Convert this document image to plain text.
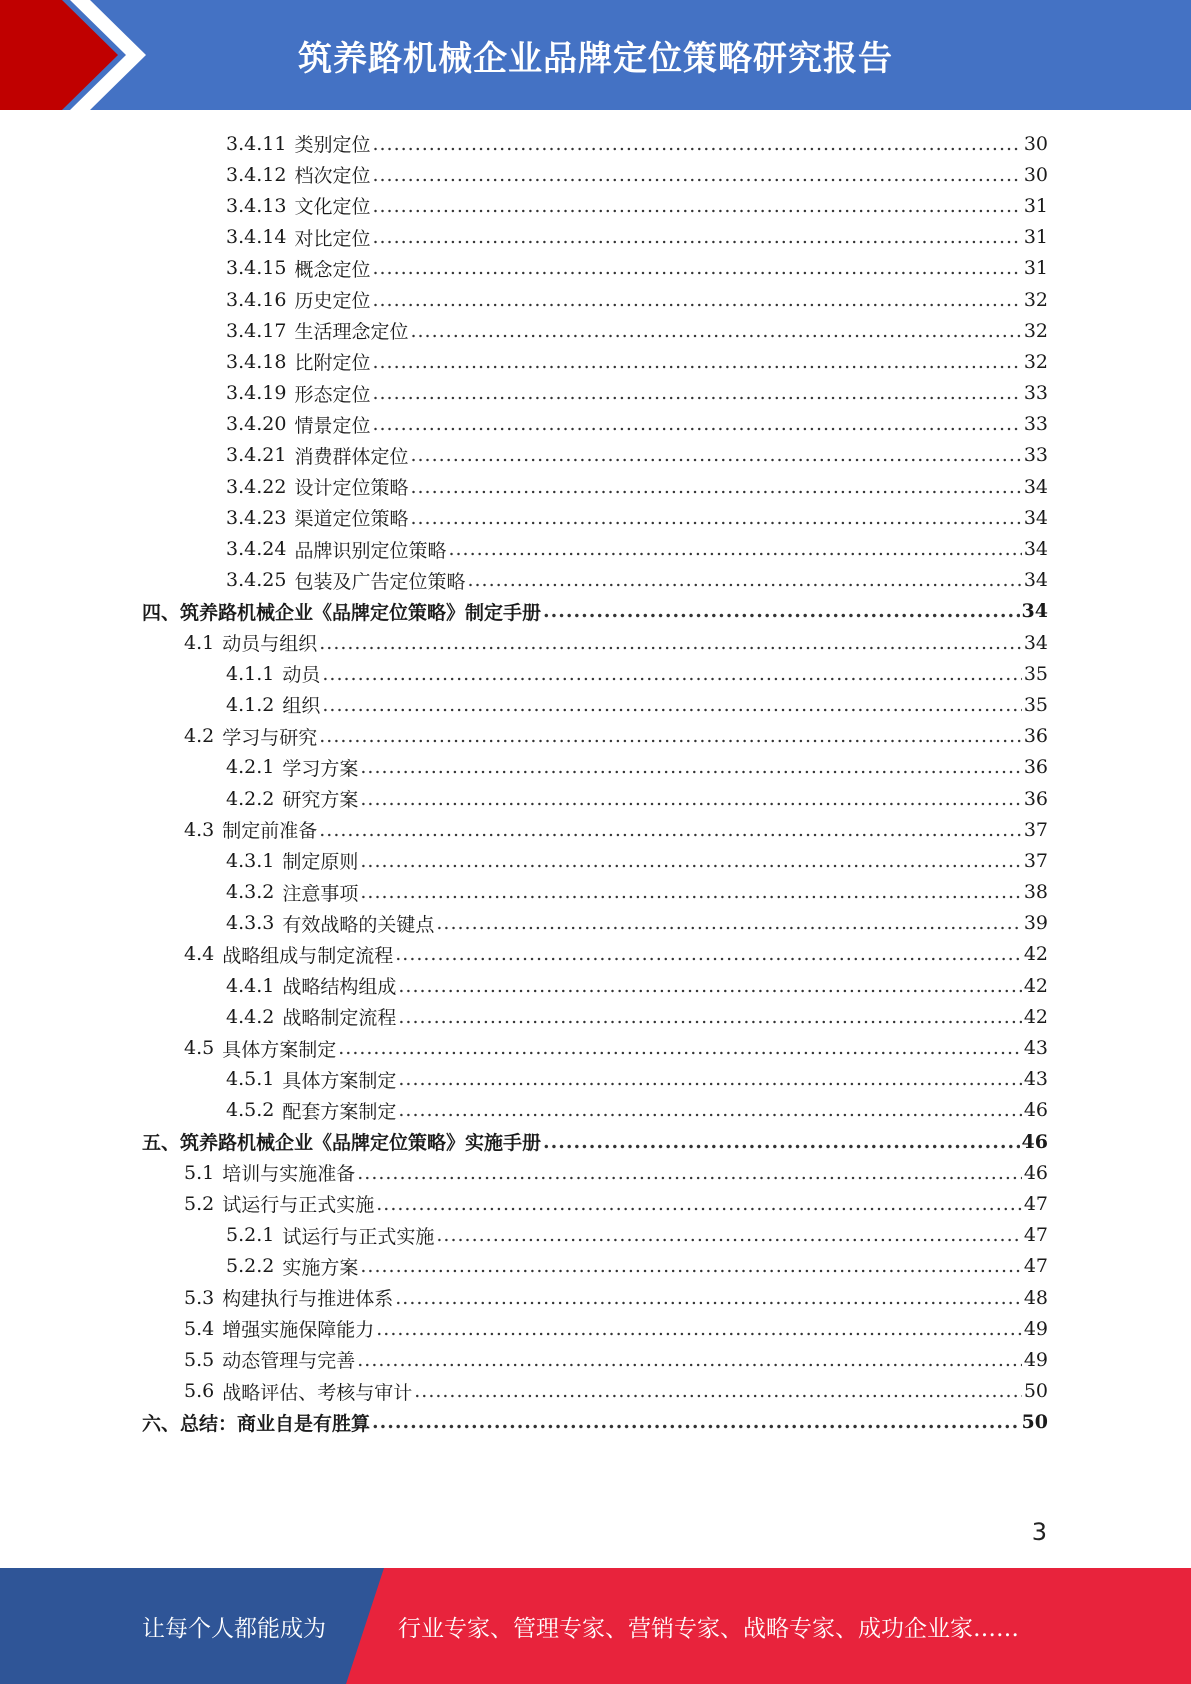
筑养路机械企业品牌定位策略研究报告
3.4.11 类别定位 .....	30
3.4.12 档次定位 .....	30
3.4.13 文化定位 .....	31
3.4.14 对比定位 .....	31
3.4.15 概念定位 .....	31
3.4.16 历史定位 .....	32
3.4.17 生活理念定位 .....	32
3.4.18 比附定位 .....	32
3.4.19 形态定位 .....	33
3.4.20 情景定位 .....	33
3.4.21 消费群体定位 .....	33
3.4.22 设计定位策略 .....	34
3.4.23 渠道定位策略 .....	34
3.4.24 品牌识别定位策略 .....	34
3.4.25 包装及广告定位策略 .....	34
四、筑养路机械企业《品牌定位策略》制定手册 .....	34
4.1 动员与组织 .....	34
4.1.1 动员 .....	35
4.1.2 组织 .....	35
4.2 学习与研究 .....	36
4.2.1 学习方案 .....	36
4.2.2 研究方案 .....	36
4.3 制定前准备 .....	37
4.3.1 制定原则 .....	37
4.3.2 注意事项 .....	38
4.3.3 有效战略的关键点 .....	39
4.4 战略组成与制定流程 .....	42
4.4.1 战略结构组成 .....	42
4.4.2 战略制定流程 .....	42
4.5 具体方案制定 .....	43
4.5.1 具体方案制定 .....	43
4.5.2 配套方案制定 .....	46
五、筑养路机械企业《品牌定位策略》实施手册 .....	46
5.1 培训与实施准备 .....	46
5.2 试运行与正式实施 .....	47
5.2.1 试运行与正式实施 .....	47
5.2.2 实施方案 .....	47
5.3 构建执行与推进体系 .....	48
5.4 增强实施保障能力 .....	49
5.5 动态管理与完善 .....	49
5.6 战略评估、考核与审计 .....	50
六、总结：商业自是有胜算 .....	50
3
让每个人都能成为	行业专家、管理专家、营销专家、战略专家、成功企业家……
